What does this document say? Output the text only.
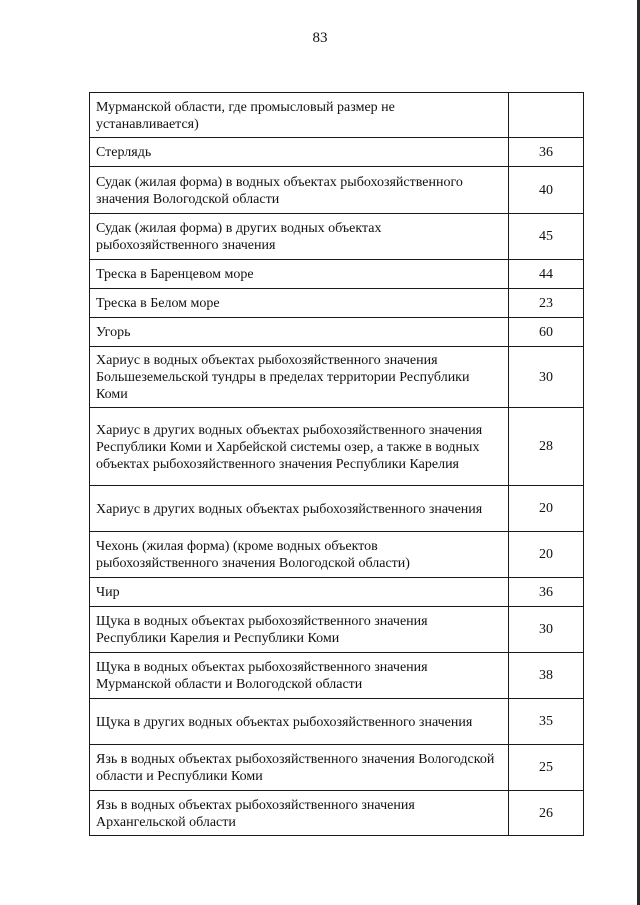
83
Мурманской области, где промысловый размер не устанавливается)	
Стерлядь	36
Судак (жилая форма) в водных объектах рыбохозяйственного значения Вологодской области	40
Судак (жилая форма) в других водных объектах рыбохозяйственного значения	45
Треска в Баренцевом море	44
Треска в Белом море	23
Угорь	60
Хариус в водных объектах рыбохозяйственного значения Большеземельской тундры в пределах территории Республики Коми	30
Хариус в других водных объектах рыбохозяйственного значения Республики Коми и Харбейской системы озер, а также в водных объектах рыбохозяйственного значения Республики Карелия	28
Хариус в других водных объектах рыбохозяйственного значения	20
Чехонь (жилая форма) (кроме водных объектов рыбохозяйственного значения Вологодской области)	20
Чир	36
Щука в водных объектах рыбохозяйственного значения Республики Карелия и Республики Коми	30
Щука в водных объектах рыбохозяйственного значения Мурманской области и Вологодской области	38
Щука в других водных объектах рыбохозяйственного значения	35
Язь в водных объектах рыбохозяйственного значения Вологодской области и Республики Коми	25
Язь в водных объектах рыбохозяйственного значения Архангельской области	26
